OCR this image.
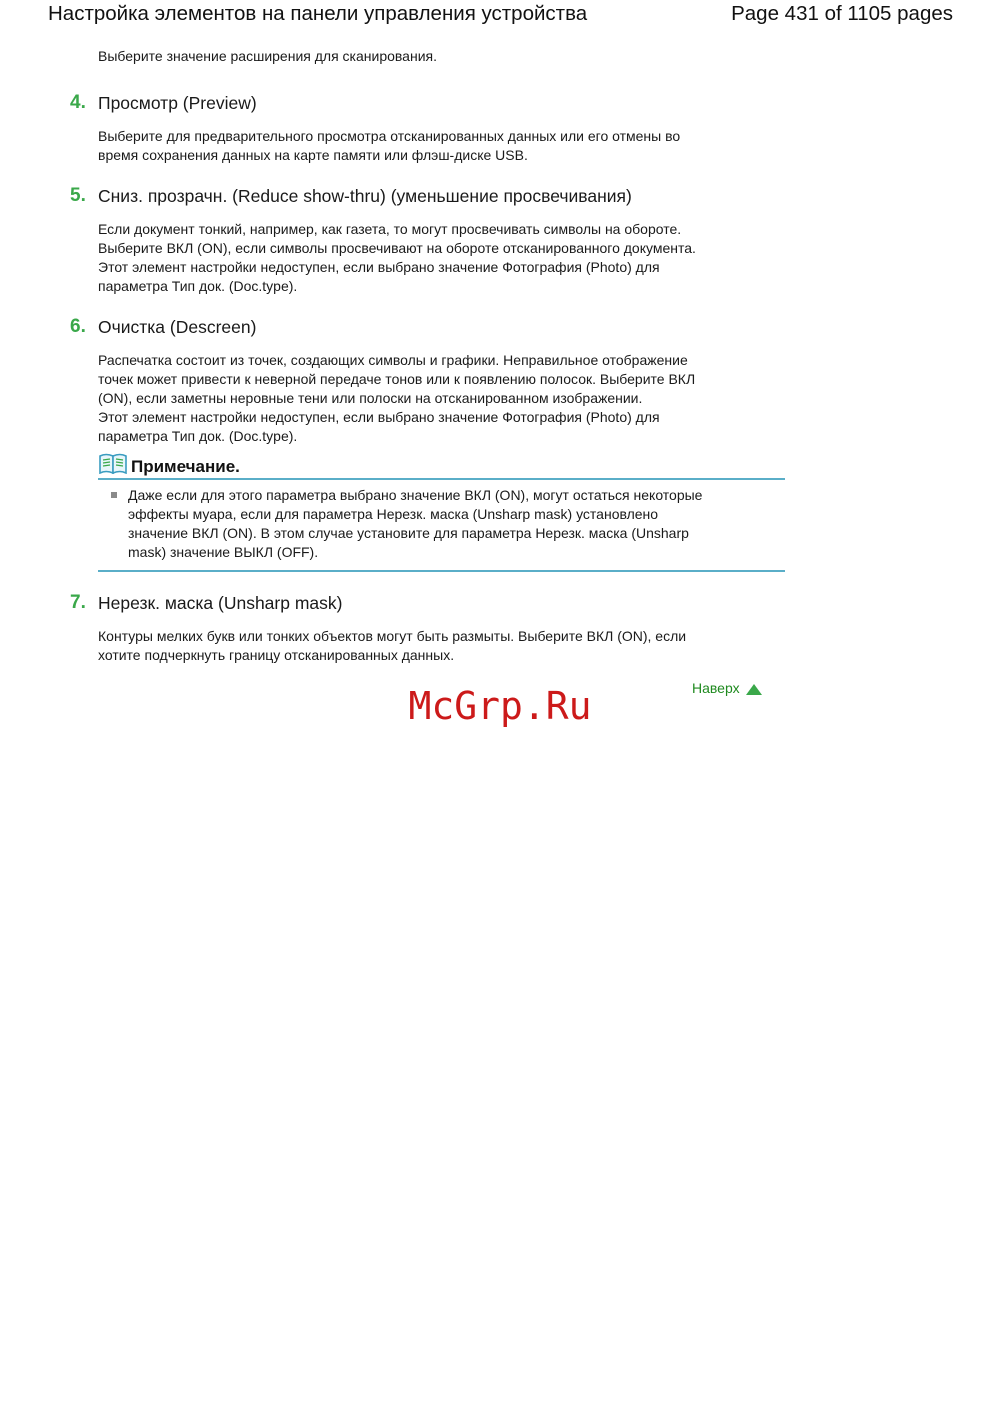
Настройка элементов на панели управления устройства	Page 431 of 1105 pages
Выберите значение расширения для сканирования.
4. Просмотр (Preview)

Выберите для предварительного просмотра отсканированных данных или его отмены во

время сохранения данных на карте памяти или флэш-диске USB.

5. Сниз. прозрачн. (Reduce show-thru) (уменьшение просвечивания)

Если документ тонкий, например, как газета, то могут просвечивать символы на обороте.

Выберите ВКЛ (ON), если символы просвечивают на обороте отсканированного документа.

Этот элемент настройки недоступен, если выбрано значение Фотография (Photo) для

параметра Тип док. (Doc.type).

6. Очистка (Descreen)

Распечатка состоит из точек, создающих символы и графики. Неправильное отображение

точек может привести к неверной передаче тонов или к появлению полосок. Выберите ВКЛ

(ON), если заметны неровные тени или полоски на отсканированном изображении.

Этот элемент настройки недоступен, если выбрано значение Фотография (Photo) для

параметра Тип док. (Doc.type).

Примечание.
Даже если для этого параметра выбрано значение ВКЛ (ON), могут остаться некоторые
эффекты муара, если для параметра Нерезк. маска (Unsharp mask) установлено
значение ВКЛ (ON). В этом случае установите для параметра Нерезк. маска (Unsharp
mask) значение ВЫКЛ (OFF).
7. Нерезк. маска (Unsharp mask)

Контуры мелких букв или тонких объектов могут быть размыты. Выберите ВКЛ (ON), если

хотите подчеркнуть границу отсканированных данных.

McGrp.Ru	Наверх
